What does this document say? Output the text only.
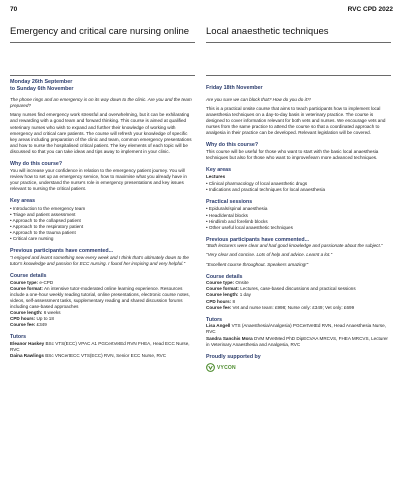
70	RVC CPD 2022
Emergency and critical care nursing online
Monday 26th September
to Sunday 6th November

The phone rings and an emergency is on its way down to the clinic. Are you and the team prepared?

Many nurses find emergency work stressful and overwhelming, but it can be exhilarating and rewarding with a good team and forward thinking. This course is aimed at qualified veterinary nurses who wish to expand and further their knowledge of working with emergency and critical care patients. The course will refresh your knowledge of specific key areas including preparation of the clinic and team, common emergency presentations and how to nurse the hospitalised critical patient. The key elements of each topic will be discussed so that you can take ideas and tips away to implement in your clinic.

Why do this course?

You will increase your confidence in relation to the emergency patient journey. You will review how to set up an emergency service, how to maximise what you already have in your practice, understand the nurse's role in emergency presentations and key issues relevant to nursing the critical patient.

Key areas
• Introduction to the emergency team
• Triage and patient assessment
• Approach to the collapsed patient
• Approach to the respiratory patient
• Approach to the trauma patient
• Critical care nursing
Previous participants have commented...

"I enjoyed and learnt something new every week and I think that's ultimately down to the tutor's knowledge and passion for ECC nursing. I found her inspiring and very helpful."

Course details

Course type: e-CPD

Course format: An intensive tutor-moderated online learning experience. Resources include a one-hour weekly reading tutorial, online presentations, electronic course notes, videos, self-assessment tasks, supplementary reading and shared discussion forums including case-based approaches

Course length: 6 weeks

CPD hours: Up to 18

Course fee: £349

Tutors

Eleanor Haskey BSc VTS(ECC) VPAC A1 PGCertVetEd RVN FHEA, Head ECC Nurse, RVC

Daina Rawlings BSc VNCertECC VTS(ECC) RVN, Senior ECC Nurse, RVC

Local anaesthetic techniques
Friday 18th November

Are you sure we can block that? How do you do it?!

This is a practical onsite course that aims to teach participants how to implement local anaesthesia techniques on a day-to-day basis in veterinary practice. The course is designed to cover information relevant for both vets and nurses. We encourage vets and nurses from the same practice to attend the course so that a coordinated approach to analgesia in their practice can be developed. Relevant legislation will be covered.

Why do this course?

This course will be useful for those who want to start with the basic local anaesthesia techniques but also for those who want to improve/learn more advanced techniques.

Key areas

Lectures

• Clinical pharmacology of local anaesthetic drugs
• Indications and practical techniques for local anaesthesia
Practical sessions
• Epidurals/spinal anaesthesia
• Head/dental blocks
• Hindlimb and forelimb blocks
• Other useful local anaesthetic techniques
Previous participants have commented...

"Both lecturers were clear and had good knowledge and passionate about the subject."

"Very clear and concise. Lots of help and advice. Learnt a lot."

"Excellent course throughout. Speakers amazing!"

Course details

Course type: Onsite

Course format: Lectures, case-based discussions and practical sessions

Course length: 1 day

CPD hours: 8

Course fee: Vet and nurse team: £998; Nurse only: £349; Vet only: £699

Tutors

Lisa Angell VTS (Anaesthesia/Analgesia) PGCertVetEd RVN, Head Anaesthesia Nurse, RVC

Sandra Sanchis Mora DVM MVetMed PhD DipECVAA MRCVS, FHEA MRCVS, Lecturer in Veterinary Anaesthesia and Analgesia, RVC

Proudly supported by
VYCON
